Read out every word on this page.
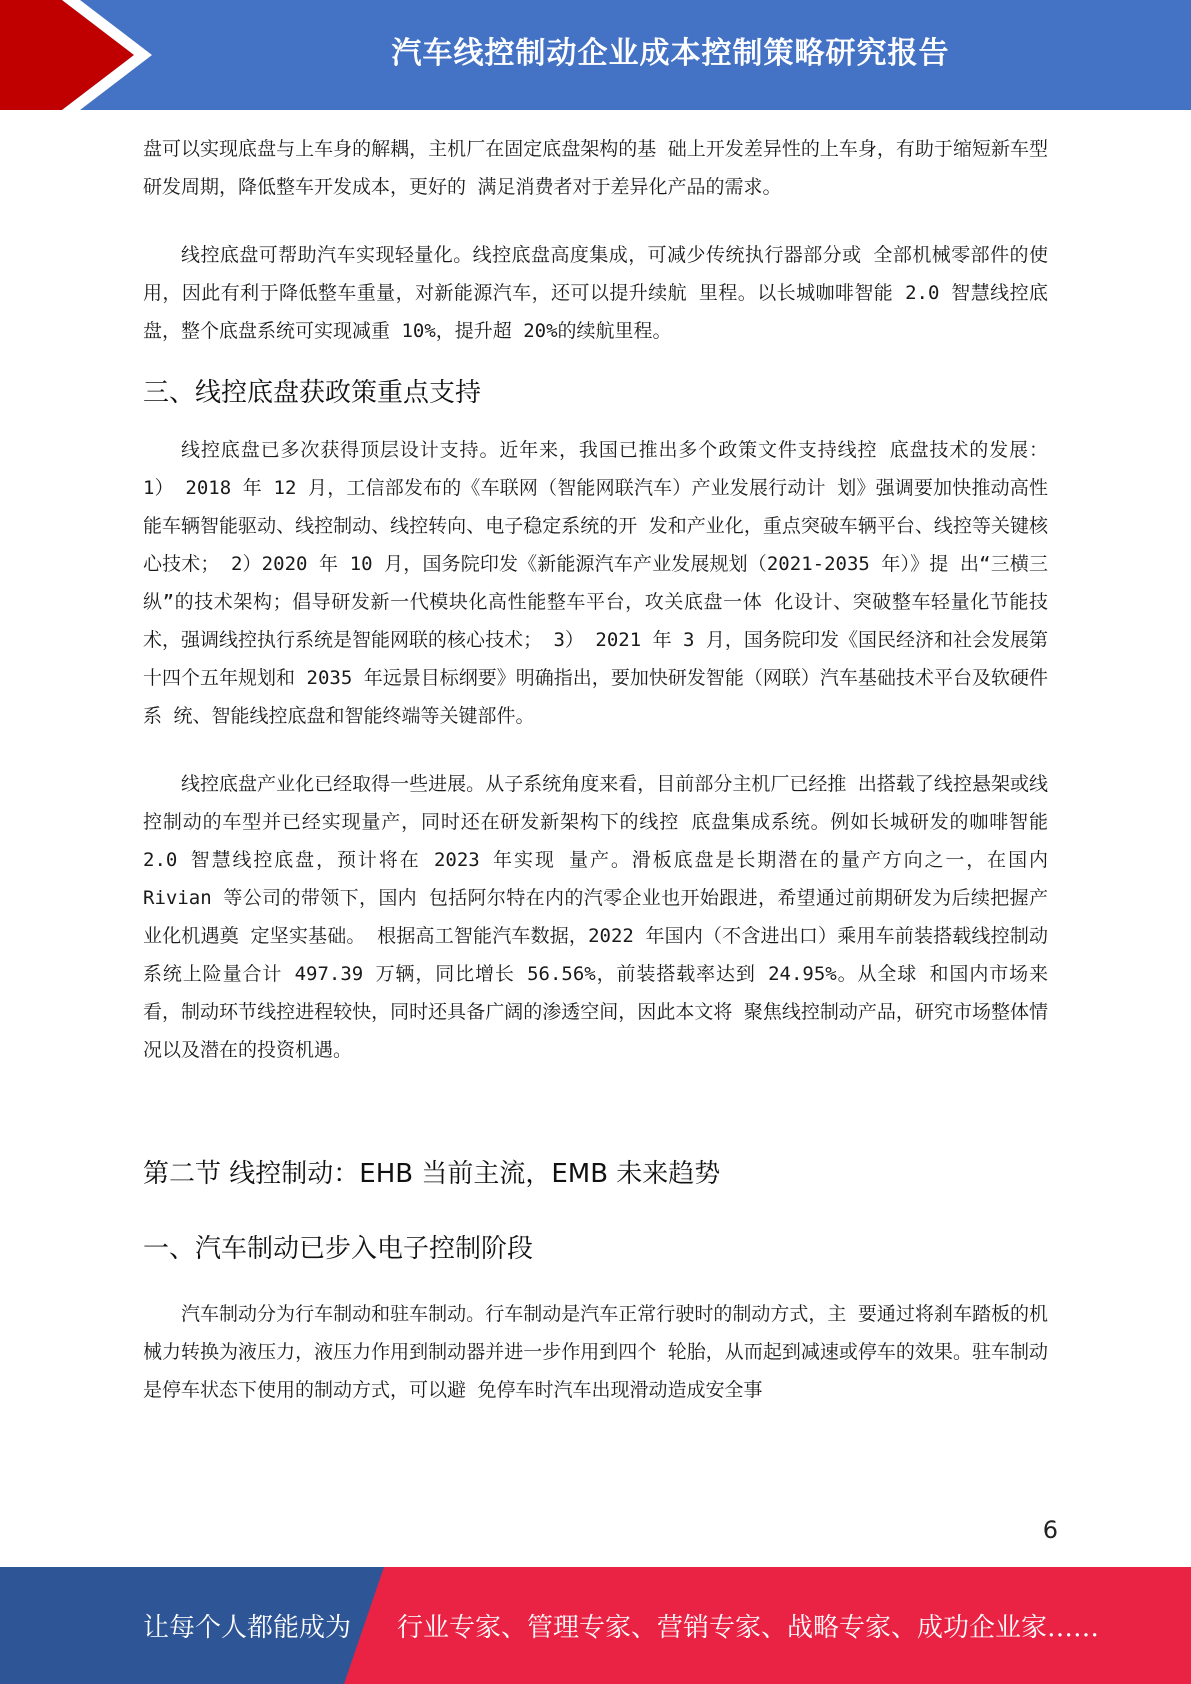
汽车线控制动企业成本控制策略研究报告

盘可以实现底盘与上车身的解耦，主机厂在固定底盘架构的基 础上开发差异性的上车身，有助于缩短新车型研发周期，降低整车开发成本，更好的 满足消费者对于差异化产品的需求。

线控底盘可帮助汽车实现轻量化。线控底盘高度集成，可减少传统执行器部分或 全部机械零部件的使用，因此有利于降低整车重量，对新能源汽车，还可以提升续航 里程。以长城咖啡智能 2.0 智慧线控底盘，整个底盘系统可实现减重 10%，提升超 20%的续航里程。

三、线控底盘获政策重点支持

线控底盘已多次获得顶层设计支持。近年来，我国已推出多个政策文件支持线控 底盘技术的发展： 1） 2018 年 12 月，工信部发布的《车联网（智能网联汽车）产业发展行动计 划》强调要加快推动高性能车辆智能驱动、线控制动、线控转向、电子稳定系统的开 发和产业化，重点突破车辆平台、线控等关键核心技术； 2）2020 年 10 月，国务院印发《新能源汽车产业发展规划（2021-2035 年）》提 出“三横三纵”的技术架构；倡导研发新一代模块化高性能整车平台，攻关底盘一体 化设计、突破整车轻量化节能技术，强调线控执行系统是智能网联的核心技术； 3） 2021 年 3 月，国务院印发《国民经济和社会发展第十四个五年规划和 2035 年远景目标纲要》明确指出，要加快研发智能（网联）汽车基础技术平台及软硬件系 统、智能线控底盘和智能终端等关键部件。

线控底盘产业化已经取得一些进展。从子系统角度来看，目前部分主机厂已经推 出搭载了线控悬架或线控制动的车型并已经实现量产，同时还在研发新架构下的线控 底盘集成系统。例如长城研发的咖啡智能 2.0 智慧线控底盘，预计将在 2023 年实现 量产。滑板底盘是长期潜在的量产方向之一，在国内 Rivian 等公司的带领下，国内 包括阿尔特在内的汽零企业也开始跟进，希望通过前期研发为后续把握产业化机遇奠 定坚实基础。 根据高工智能汽车数据，2022 年国内（不含进出口）乘用车前装搭载线控制动 系统上险量合计 497.39 万辆，同比增长 56.56%，前装搭载率达到 24.95%。从全球 和国内市场来看，制动环节线控进程较快，同时还具备广阔的渗透空间，因此本文将 聚焦线控制动产品，研究市场整体情况以及潜在的投资机遇。

第二节 线控制动：EHB 当前主流，EMB 未来趋势
一、汽车制动已步入电子控制阶段

汽车制动分为行车制动和驻车制动。行车制动是汽车正常行驶时的制动方式，主 要通过将刹车踏板的机械力转换为液压力，液压力作用到制动器并进一步作用到四个 轮胎，从而起到减速或停车的效果。驻车制动是停车状态下使用的制动方式，可以避 免停车时汽车出现滑动造成安全事

6
让每个人都能成为 行业专家、管理专家、营销专家、战略专家、成功企业家……
